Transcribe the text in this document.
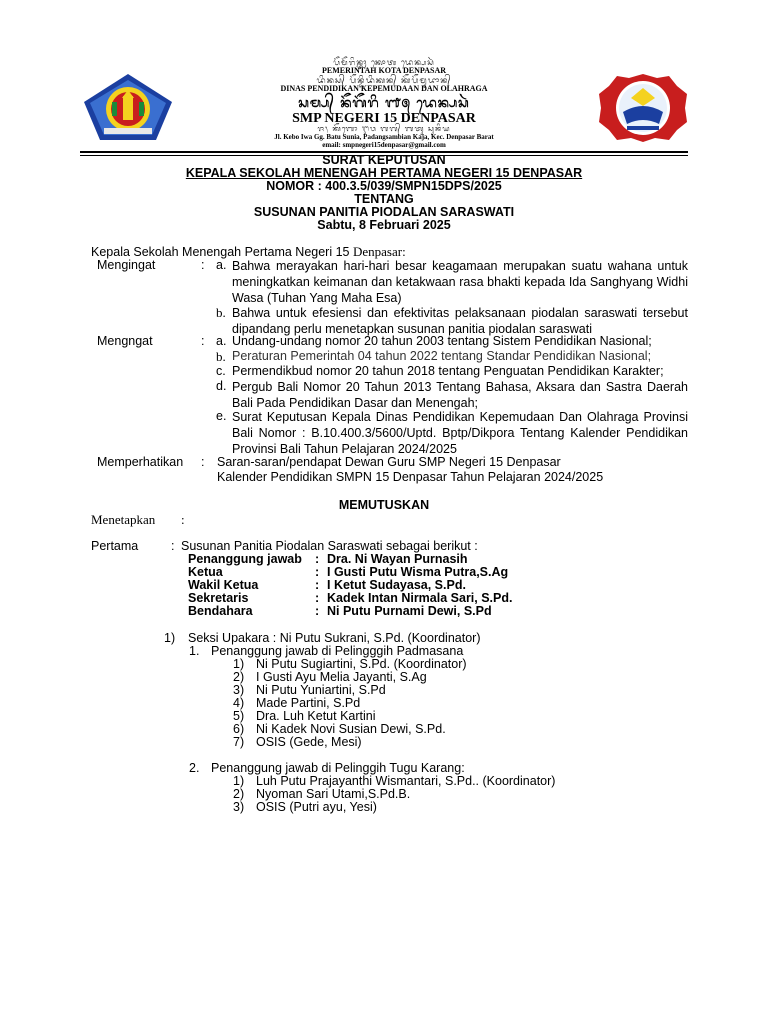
ᬧᭂᬫᭂᬭᬶᬦ᭄ᬢᬄ ᬓᭀᬢ ᬤᬾᬦ᭄ᬧᬲᬃ
PEMERINTAH KOTA DENPASAR
ᬤᬶᬦᬲ᭄ ᬧᭂᬦ᭄ᬤᬶᬤᬶᬓᬦ᭄ ᬓᭂᬧᭂᬫᬸᬤᬵᬦ᭄
DINAS PENDIDIKAN KEPEMUDAAN DAN OLAHRAGA
ᬲᬫ᭄ᬧ᭄ ᬦᭂᬕᭂᬭᬶ ᭑᭕ ᬤᬾᬦ᭄ᬧᬲᬃ
SMP NEGERI 15 DENPASAR
ᬚ᭞ ᬓᭂᬩᭀ ᬇᬯ ᬕᬕ᭄ ᬩᬢᬸ ᬲᬸᬦᬶᬬ
Jl. Kebo Iwa Gg. Batu Sunia, Padangsambian Kaja, Kec. Denpasar Barat
email: smpnegeri15denpasar@gmail.com
SURAT KEPUTUSAN
KEPALA SEKOLAH MENENGAH PERTAMA NEGERI 15 DENPASAR
NOMOR : 400.3.5/039/SMPN15DPS/2025
TENTANG
SUSUNAN PANITIA PIODALAN SARASWATI
Sabtu, 8 Februari 2025
Kepala Sekolah Menengah Pertama Negeri 15 Denpasar:
Mengingat	: a. Bahwa merayakan hari-hari besar keagamaan merupakan suatu wahana untuk meningkatkan keimanan dan ketakwaan rasa bhakti kepada Ida Sanghyang Widhi Wasa (Tuhan Yang Maha Esa)
b. Bahwa untuk efesiensi dan efektivitas pelaksanaan piodalan saraswati tersebut dipandang perlu menetapkan susunan panitia piodalan saraswati
Mengngat	: a. Undang-undang nomor 20 tahun 2003 tentang Sistem Pendidikan Nasional;
b. Peraturan Pemerintah 04 tahun 2022 tentang Standar Pendidikan Nasional;
c. Permendikbud nomor 20 tahun 2018 tentang Penguatan Pendidikan Karakter;
d. Pergub Bali Nomor 20 Tahun 2013 Tentang Bahasa, Aksara dan Sastra Daerah Bali Pada Pendidikan Dasar dan Menengah;
e. Surat Keputusan Kepala Dinas Pendidikan Kepemudaan Dan Olahraga Provinsi Bali Nomor : B.10.400.3/5600/Uptd. Bptp/Dikpora Tentang Kalender Pendidikan Provinsi Bali Tahun Pelajaran 2024/2025
Memperhatikan : Saran-saran/pendapat Dewan Guru SMP Negeri 15 Denpasar
Kalender Pendidikan SMPN 15 Denpasar Tahun Pelajaran 2024/2025
MEMUTUSKAN
Menetapkan :
Pertama	: Susunan Panitia Piodalan Saraswati sebagai berikut :
Penanggung jawab : Dra. Ni Wayan Purnasih
Ketua	: I Gusti Putu Wisma Putra,S.Ag
Wakil Ketua	: I Ketut Sudayasa, S.Pd.
Sekretaris	: Kadek Intan Nirmala Sari, S.Pd.
Bendahara	: Ni Putu Purnami Dewi, S.Pd
1) Seksi Upakara : Ni Putu Sukrani, S.Pd. (Koordinator)
1. Penanggung jawab di Pelingggih Padmasana
1) Ni Putu Sugiartini, S.Pd. (Koordinator)
2) I Gusti Ayu Melia Jayanti, S.Ag
3) Ni Putu Yuniartini, S.Pd
4) Made Partini, S.Pd
5) Dra. Luh Ketut Kartini
6) Ni Kadek Novi Susian Dewi, S.Pd.
7) OSIS (Gede, Mesi)
2. Penanggung jawab di Pelinggih Tugu Karang:
1) Luh Putu Prajayanthi Wismantari, S.Pd.. (Koordinator)
2) Nyoman Sari Utami,S.Pd.B.
3) OSIS (Putri ayu, Yesi)
